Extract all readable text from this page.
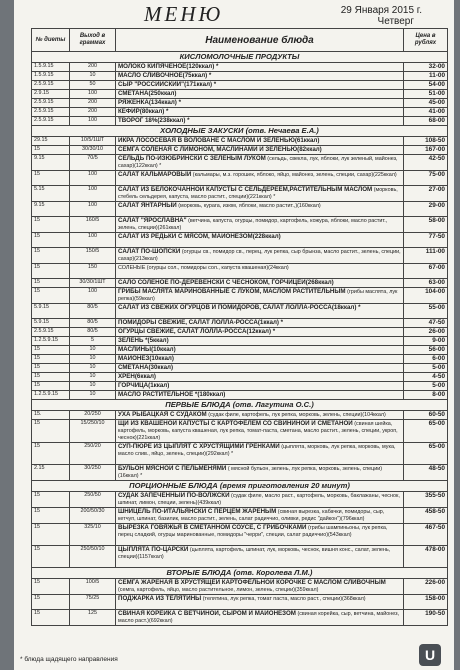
МЕНЮ	29 Января 2015 г.
Четверг
№ диеты	Выход в граммах	Наименование блюда	Цена в рублях
КИСЛОМОЛОЧНЫЕ ПРОДУКТЫ			
1.5.9.15	200	МОЛОКО КИПЯЧЕНОЕ(120ккал) *	32-00
1.5.9.15	10	МАСЛО СЛИВОЧНОЕ(75ккал) *	11-00
2.5.9.15	50	СЫР "РОССИЙСКИЙ"(171ккал) *	54-00
2.9.15	100	СМЕТАНА(250ккал)	51-00
2.5.9.15	200	РЯЖЕНКА(134ккал) *	45-00
2.5.9.15	200	КЕФИР(80ккал) *	41-00
2.5.9.15	100	ТВОРОГ 18%(238ккал) *	68-00
ХОЛОДНЫЕ ЗАКУСКИ (отв. Нечаева Е.А.)			
29.15	10/5/1ШТ	ИКРА ЛОСОСЕВАЯ В ВОЛОВАНЕ С МАСЛОМ И ЗЕЛЕНЬЮ(61ккал)	108-50
15	30/30/10	СЕМГА СОЛЕНАЯ С ЛИМОНОМ, МАСЛИНАМИ И ЗЕЛЕНЬЮ(82ккал)	167-00
9.15	70/5	СЕЛЬДЬ ПО-ИЗЮБРИНСКИ С ЗЕЛЕНЫМ ЛУКОМ (сельдь, свекла, лук, яблоки, лук зеленый, майонез, сахар)(122ккал) *	42-50
15	100	САЛАТ КАЛЬМАРОВЫЙ (кальмары, м.з. горошек, яблоко, яйцо, майонез, зелень, специи, сахар)(225ккал)	75-00
5.15	100	САЛАТ ИЗ БЕЛОКОЧАННОЙ КАПУСТЫ С СЕЛЬДЕРЕЕМ,РАСТИТЕЛЬНЫМ МАСЛОМ (морковь, стебель сельдерея, капуста, масло растит., специи)(221ккал) *	27-00
9.15	100	САЛАТ ЯНТАРНЫЙ (морковь, курага, изюм, яблоки, масло растит.,)(160ккал)	29-00
15	160/5	САЛАТ "ЯРОСЛАВНА" (ветчина, капуста, огурцы, помидор, картофель, кожура, яблоки, масло растит., зелень, специи)(261ккал)	58-00
15	100	САЛАТ ИЗ РЕДЬКИ С МЯСОМ, МАЙОНЕЗОМ(228ккал)	77-50
15	150/5	САЛАТ ПО-ШОПСКИ (огурцы св., помидор св., перец, лук репка, сыр брынза, масло растит., зелень, специи, сахар)(213ккал)	111-00
15	150	СОЛЕНЫЕ (огурцы сол., помидоры сол., капуста квашеная)(24ккал)	67-00
15	30/30/1ШТ	САЛО СОЛЕНОЕ ПО-ДЕРЕВЕНСКИ С ЧЕСНОКОМ, ГОРЧИЦЕЙ(268ккал)	63-00
15	100	ГРИБЫ МАСЛЯТА МАРИНОВАННЫЕ С ЛУКОМ, МАСЛОМ РАСТИТЕЛЬНЫМ (грибы маслята, лук репка)(59ккал)	104-00
5.9.15	80/5	САЛАТ ИЗ СВЕЖИХ ОГУРЦОВ И ПОМИДОРОВ, САЛАТ ЛОЛЛА-РОССА(18ккал) *	55-00
5.9.15	80/5	ПОМИДОРЫ СВЕЖИЕ, САЛАТ ЛОЛЛА-РОССА(1ккал) *	47-50
2.5.9.15	80/5	ОГУРЦЫ СВЕЖИЕ, САЛАТ ЛОЛЛА-РОССА(12ккал) *	26-00
1.2.5.9.15	5	ЗЕЛЕНЬ *(5ккал)	9-00
15	10	МАСЛИНЫ(10ккал)	56-00
15	10	МАЙОНЕЗ(10ккал)	6-00
15	10	СМЕТАНА(30ккал)	5-00
15	10	ХРЕН(6ккал)	4-50
15	10	ГОРЧИЦА(1ккал)	5-00
1.2.5.9.15	10	МАСЛО РАСТИТЕЛЬНОЕ *(180ккал)	8-00
ПЕРВЫЕ БЛЮДА (отв. Лагутина О.С.)			
15.	20/250	УХА РЫБАЦКАЯ С СУДАКОМ (судак филе, картофель, лук репка, морковь, зелень, специи)(104ккал)	60-50
15	15/250/10	ЩИ ИЗ КВАШЕНОЙ КАПУСТЫ С КАРТОФЕЛЕМ СО СВИНИНОЙ И СМЕТАНОЙ (свиная шейка, картофель, морковь, капуста квашеная, лук репка, томат-паста, сметана, масло растит., зелень, специи, укроп, чеснок)(221ккал)	65-00
15	250/20	СУП-ПЮРЕ ИЗ ЦЫПЛЯТ С ХРУСТЯЩИМИ ГРЕНКАМИ (цыплята, морковь, лук репка, морковь, мука, масло слив., яйцо, зелень, специи)(292ккал) *	65-00
2.15	30/250	БУЛЬОН МЯСНОЙ С ПЕЛЬМЕНЯМИ ( мясной бульон, зелень, лук репка, морковь, зелень, специи)(16ккал) *	48-50
ПОРЦИОННЫЕ БЛЮДА (время приготовления 20 минут)			
15	250/50	СУДАК ЗАПЕЧЕННЫЙ ПО-ВОЛЖСКИ (судак филе, масло раст., картофель, морковь, баклажаны, чеснок, шпинат, лимон, специи, зелень)(439ккал)	355-50
15	200/50/30	ШНИЦЕЛЬ ПО-ИТАЛЬЯНСКИ С ПЕРЦЕМ ЖАРЕНЫМ (свиная вырезка, кабачки, помидоры, сыр, кетчуп, шпинат, базилик, масло растит., зелень, салат радиччио, оливки, редис "дайкон")(796ккал)	458-50
15	325/10	ВЫРЕЗКА ГОВЯЖЬЯ В СМЕТАННОМ СОУСЕ, С ГРИБОЧКАМИ (грибы шампиньоны, лук репка, перец сладкий, огурцы маринованные, помидоры "черри", специи, салат радиччио)(543ккал)	467-50
15	250/50/10	ЦЫПЛЯТА ПО-ЦАРСКИ (цыплята, картофель, шпинат, лук, морковь, чеснок, вишня конс., салат, зелень, специи)(1157ккал)	478-00
ВТОРЫЕ БЛЮДА (отв. Королева Л.М.)			
15	100/5	СЕМГА ЖАРЕНАЯ В ХРУСТЯЩЕЙ КАРТОФЕЛЬНОЙ КОРОЧКЕ С МАСЛОМ СЛИВОЧНЫМ (семга, картофель, яйцо, масло растительное, лимон, зелень, специи)(359ккал)	226-00
15	75/25	ПОДЖАРКА ИЗ ТЕЛЯТИНЫ (телятина, лук репка, томат паста, масло раст., специи)(368ккал)	158-00
15	125	СВИНАЯ КОРЕЙКА С ВЕТЧИНОЙ, СЫРОМ И МАЙОНЕЗОМ (свиная корейка, сыр, ветчина, майонез, масло раст.)(692ккал)	190-50
* блюда щадящего направления	U
